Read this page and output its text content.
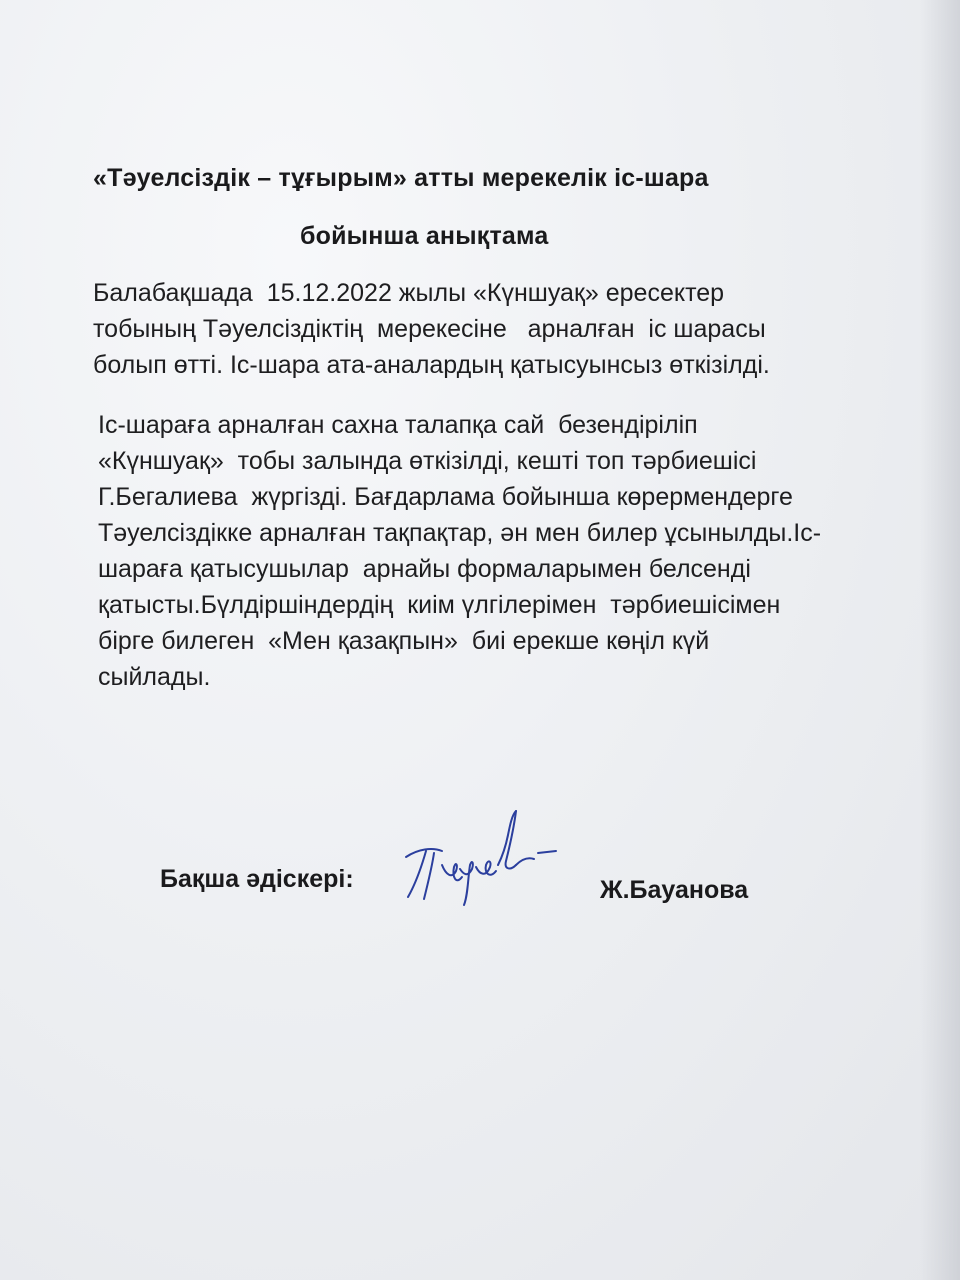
«Тәуелсіздік – тұғырым» атты мерекелік іс-шара
бойынша анықтама
Балабақшада  15.12.2022 жылы «Күншуақ» ересектер
тобының Тәуелсіздіктің  мерекесіне   арналған  іс шарасы
болып өтті. Іс-шара ата-аналардың қатысуынсыз өткізілді.
Іс-шараға арналған сахна талапқа сай  безендіріліп
«Күншуақ»  тобы залында өткізілді, кешті топ тәрбиешісі
Г.Бегалиева  жүргізді. Бағдарлама бойынша көрермендерге
Тәуелсіздікке арналған тақпақтар, ән мен билер ұсынылды.Іс-
шараға қатысушылар  арнайы формаларымен белсенді
қатысты.Бүлдіршіндердің  киім үлгілерімен  тәрбиешісімен
бірге билеген  «Мен қазақпын»  биі ерекше көңіл күй
сыйлады.
Бақша әдіскері:	Ж.Бауанова
